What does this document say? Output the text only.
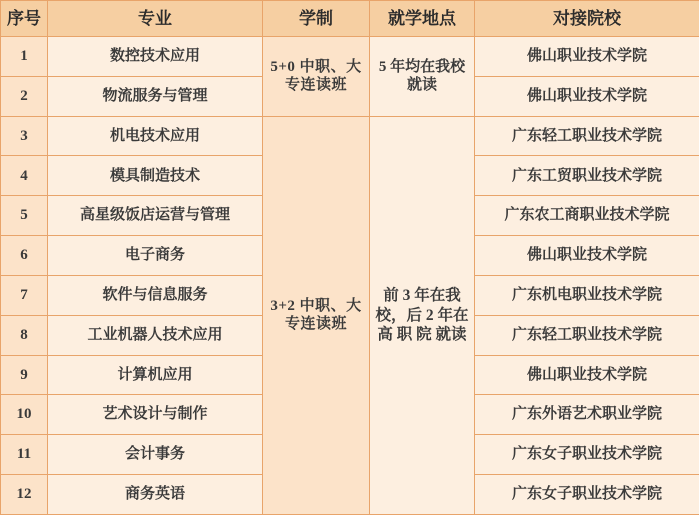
序号	专业	学制	就学地点	对接院校
1	数控技术应用	5+0 中职、大专连读班	5 年均在我校就读	佛山职业技术学院
2	物流服务与管理			佛山职业技术学院
3	机电技术应用	3+2 中职、大专连读班	前 3 年在我校，后 2 年在 高 职 院 就读	广东轻工职业技术学院
4	模具制造技术			广东工贸职业技术学院
5	高星级饭店运营与管理			广东农工商职业技术学院
6	电子商务			佛山职业技术学院
7	软件与信息服务			广东机电职业技术学院
8	工业机器人技术应用			广东轻工职业技术学院
9	计算机应用			佛山职业技术学院
10	艺术设计与制作			广东外语艺术职业学院
11	会计事务			广东女子职业技术学院
12	商务英语			广东女子职业技术学院
